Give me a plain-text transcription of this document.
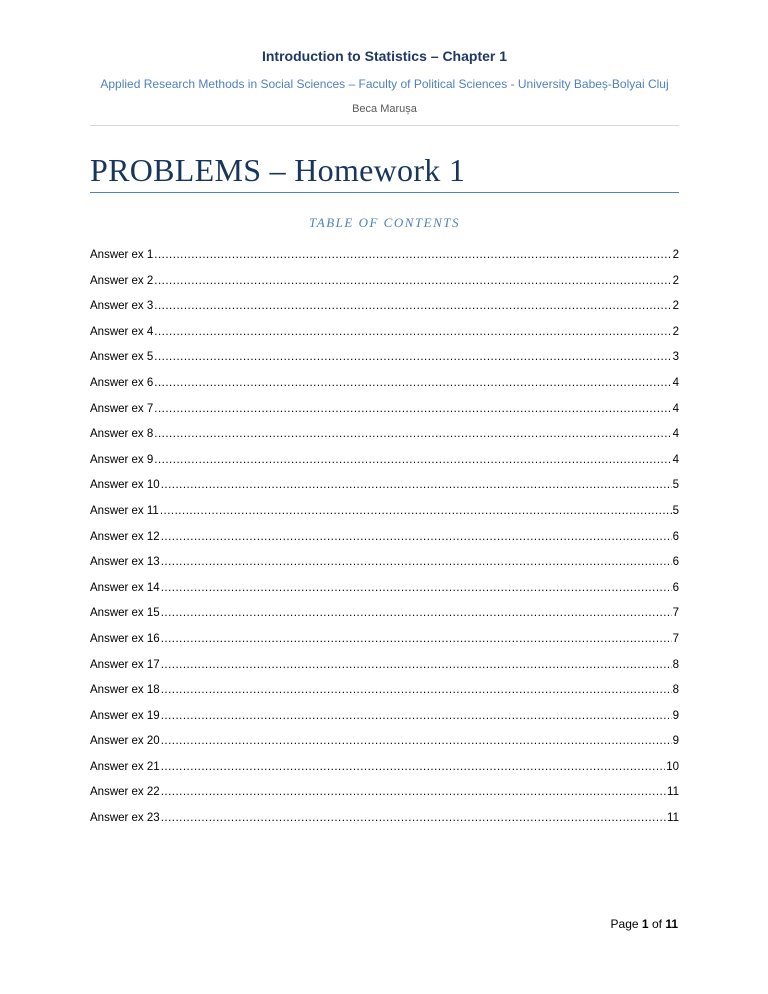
Introduction to Statistics – Chapter 1
Applied Research Methods in Social Sciences – Faculty of Political Sciences - University Babeș-Bolyai Cluj
Beca Marușa
PROBLEMS – Homework 1
TABLE OF CONTENTS
Answer ex 1 .....	2
Answer ex 2 .....	2
Answer ex 3 .....	2
Answer ex 4 .....	2
Answer ex 5 .....	3
Answer ex 6 .....	4
Answer ex 7 .....	4
Answer ex 8 .....	4
Answer ex 9 .....	4
Answer ex 10 .....	5
Answer ex 11 .....	5
Answer ex 12 .....	6
Answer ex 13 .....	6
Answer ex 14 .....	6
Answer ex 15 .....	7
Answer ex 16 .....	7
Answer ex 17 .....	8
Answer ex 18 .....	8
Answer ex 19 .....	9
Answer ex 20 .....	9
Answer ex 21 .....	10
Answer ex 22 .....	11
Answer ex 23 .....	11
Page 1 of 11
